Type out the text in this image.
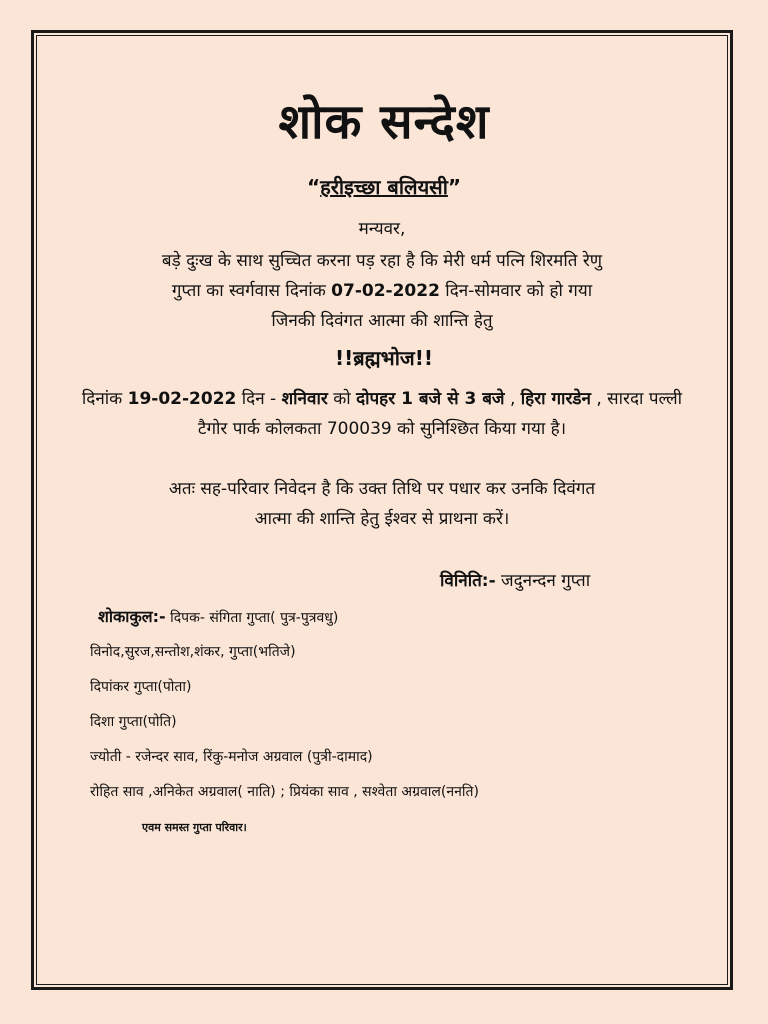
शोक सन्देश
“हरीइच्छा बलियसी”
मन्यवर,
बड़े दुःख के साथ सुच्चित करना पड़ रहा है कि मेरी धर्म पत्नि शिरमति रेणु
गुप्ता का स्वर्गवास दिनांक 07-02-2022 दिन-सोमवार को हो गया
जिनकी दिवंगत आत्मा की शान्ति हेतु
!!ब्रह्मभोज!!
दिनांक 19-02-2022 दिन - शनिवार को दोपहर 1 बजे से 3 बजे , हिरा गारडेन , सारदा पल्ली टैगोर पार्क कोलकता 700039 को सुनिश्छित किया गया है।
अतः सह-परिवार निवेदन है कि उक्त तिथि पर पधार कर उनकि दिवंगत
आत्मा की शान्ति हेतु ईश्वर से प्राथना करें।
विनिति:- जदुनन्दन गुप्ता
शोकाकुल:- दिपक- संगिता गुप्ता( पुत्र-पुत्रवधु)
विनोद,सुरज,सन्तोश,शंकर, गुप्ता(भतिजे)
दिपांकर गुप्ता(पोता)
दिशा गुप्ता(पोति)
ज्योती - रजेन्दर साव, रिंकु-मनोज अग्रवाल (पुत्री-दामाद)
रोहित साव ,अनिकेत अग्रवाल( नाति) ; प्रियंका साव , सश्वेता अग्रवाल(ननति)
एवम समस्त गुप्ता परिवार।
